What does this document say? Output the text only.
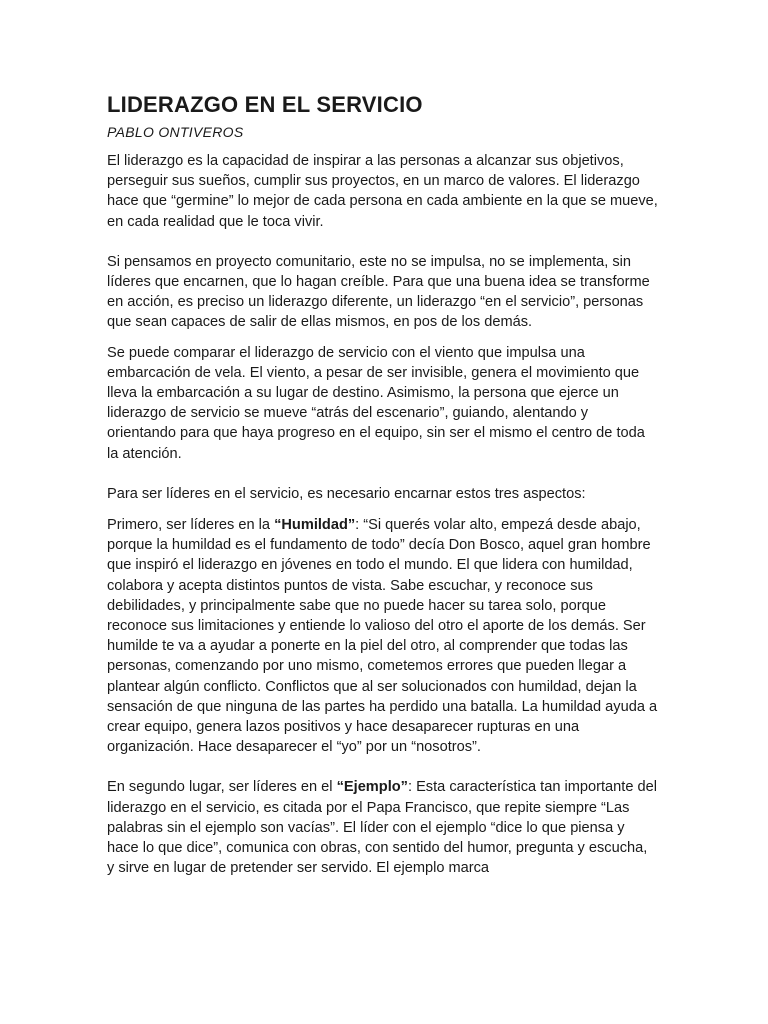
LIDERAZGO EN EL SERVICIO
PABLO ONTIVEROS

El liderazgo es la capacidad de inspirar a las personas a alcanzar sus objetivos, perseguir sus sueños, cumplir sus proyectos, en un marco de valores. El liderazgo hace que “germine” lo mejor de cada persona en cada ambiente en la que se mueve, en cada realidad que le toca vivir.

Si pensamos en proyecto comunitario, este no se impulsa, no se implementa, sin líderes que encarnen, que lo hagan creíble. Para que una buena idea se transforme en acción, es preciso un liderazgo diferente, un liderazgo “en el servicio”, personas que sean capaces de salir de ellas mismos, en pos de los demás.

Se puede comparar el liderazgo de servicio con el viento que impulsa una embarcación de vela. El viento, a pesar de ser invisible, genera el movimiento que lleva la embarcación a su lugar de destino. Asimismo, la persona que ejerce un liderazgo de servicio se mueve “atrás del escenario”, guiando, alentando y orientando para que haya progreso en el equipo, sin ser el mismo el centro de toda la atención.

Para ser líderes en el servicio, es necesario encarnar estos tres aspectos:

Primero, ser líderes en la “Humildad”: “Si querés volar alto, empezá desde abajo, porque la humildad es el fundamento de todo” decía Don Bosco, aquel gran hombre que inspiró el liderazgo en jóvenes en todo el mundo. El que lidera con humildad, colabora y acepta distintos puntos de vista. Sabe escuchar, y reconoce sus debilidades, y principalmente sabe que no puede hacer su tarea solo, porque reconoce sus limitaciones y entiende lo valioso del otro el aporte de los demás. Ser humilde te va a ayudar a ponerte en la piel del otro, al comprender que todas las personas, comenzando por uno mismo, cometemos errores que pueden llegar a plantear algún conflicto. Conflictos que al ser solucionados con humildad, dejan la sensación de que ninguna de las partes ha perdido una batalla. La humildad ayuda a crear equipo, genera lazos positivos y hace desaparecer rupturas en una organización. Hace desaparecer el “yo” por un “nosotros”.

En segundo lugar, ser líderes en el “Ejemplo”: Esta característica tan importante del liderazgo en el servicio, es citada por el Papa Francisco, que repite siempre “Las palabras sin el ejemplo son vacías”. El líder con el ejemplo “dice lo que piensa y hace lo que dice”, comunica con obras, con sentido del humor, pregunta y escucha, y sirve en lugar de pretender ser servido. El ejemplo marca
